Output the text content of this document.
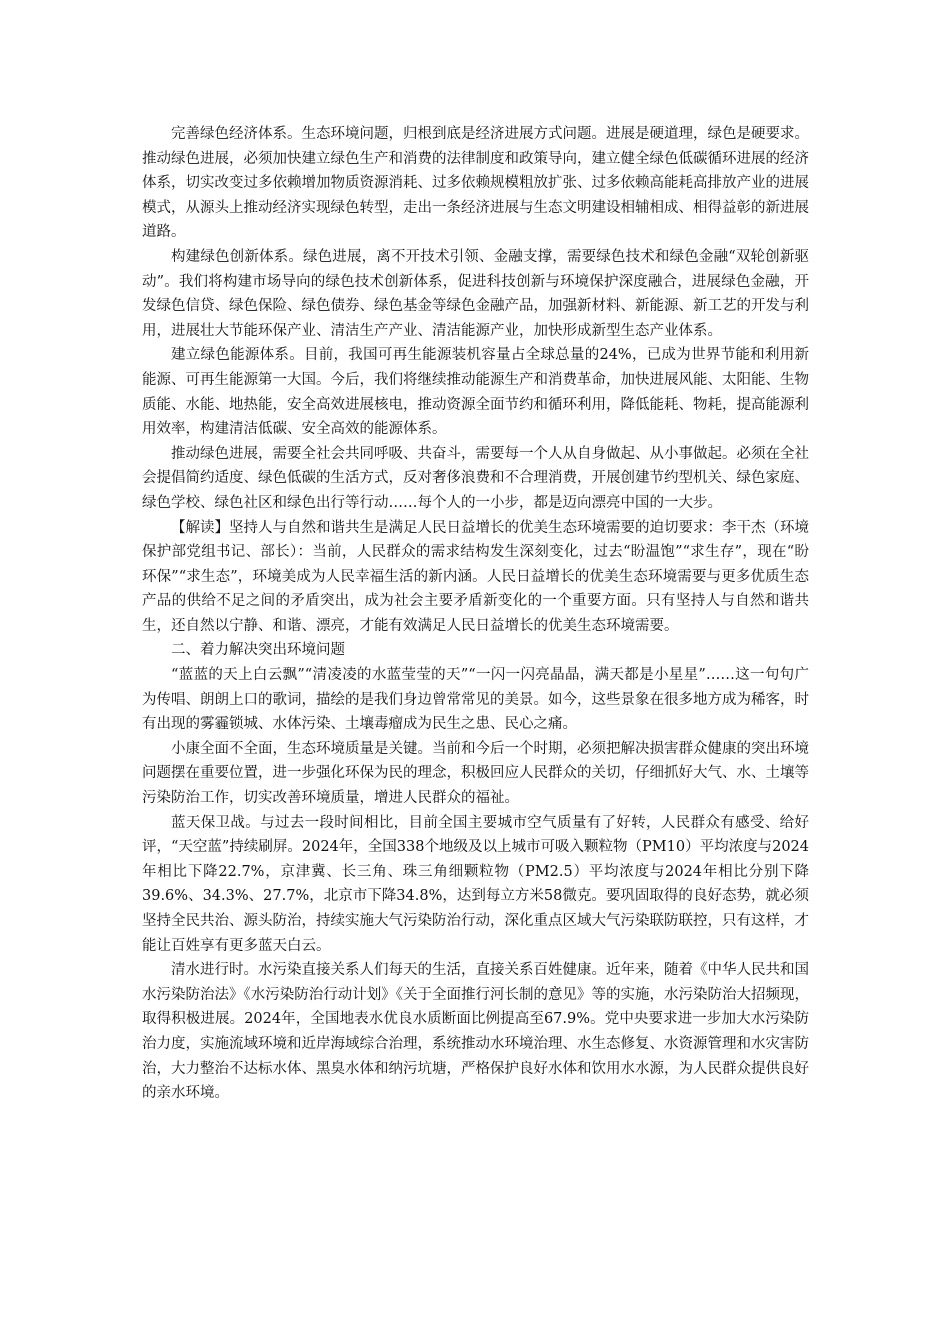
完善绿色经济体系。生态环境问题，归根到底是经济进展方式问题。进展是硬道理，绿色是硬要求。推动绿色进展，必须加快建立绿色生产和消费的法律制度和政策导向，建立健全绿色低碳循环进展的经济体系，切实改变过多依赖增加物质资源消耗、过多依赖规模粗放扩张、过多依赖高能耗高排放产业的进展模式，从源头上推动经济实现绿色转型，走出一条经济进展与生态文明建设相辅相成、相得益彰的新进展道路。

构建绿色创新体系。绿色进展，离不开技术引领、金融支撑，需要绿色技术和绿色金融“双轮创新驱动”。我们将构建市场导向的绿色技术创新体系，促进科技创新与环境保护深度融合，进展绿色金融，开发绿色信贷、绿色保险、绿色债券、绿色基金等绿色金融产品，加强新材料、新能源、新工艺的开发与利用，进展壮大节能环保产业、清洁生产产业、清洁能源产业，加快形成新型生态产业体系。

建立绿色能源体系。目前，我国可再生能源装机容量占全球总量的24%，已成为世界节能和利用新能源、可再生能源第一大国。今后，我们将继续推动能源生产和消费革命，加快进展风能、太阳能、生物质能、水能、地热能，安全高效进展核电，推动资源全面节约和循环利用，降低能耗、物耗，提高能源利用效率，构建清洁低碳、安全高效的能源体系。

推动绿色进展，需要全社会共同呼吸、共奋斗，需要每一个人从自身做起、从小事做起。必须在全社会提倡简约适度、绿色低碳的生活方式，反对奢侈浪费和不合理消费，开展创建节约型机关、绿色家庭、绿色学校、绿色社区和绿色出行等行动……每个人的一小步，都是迈向漂亮中国的一大步。

【解读】坚持人与自然和谐共生是满足人民日益增长的优美生态环境需要的迫切要求：李干杰（环境保护部党组书记、部长）：当前，人民群众的需求结构发生深刻变化，过去“盼温饱”“求生存”，现在“盼环保”“求生态”，环境美成为人民幸福生活的新内涵。人民日益增长的优美生态环境需要与更多优质生态产品的供给不足之间的矛盾突出，成为社会主要矛盾新变化的一个重要方面。只有坚持人与自然和谐共生，还自然以宁静、和谐、漂亮，才能有效满足人民日益增长的优美生态环境需要。

二、着力解决突出环境问题

“蓝蓝的天上白云飘”“清凌凌的水蓝莹莹的天”“一闪一闪亮晶晶，满天都是小星星”……这一句句广为传唱、朗朗上口的歌词，描绘的是我们身边曾常常见的美景。如今，这些景象在很多地方成为稀客，时有出现的雾霾锁城、水体污染、土壤毒瘤成为民生之患、民心之痛。

小康全面不全面，生态环境质量是关键。当前和今后一个时期，必须把解决损害群众健康的突出环境问题摆在重要位置，进一步强化环保为民的理念，积极回应人民群众的关切，仔细抓好大气、水、土壤等污染防治工作，切实改善环境质量，增进人民群众的福祉。

蓝天保卫战。与过去一段时间相比，目前全国主要城市空气质量有了好转，人民群众有感受、给好评，“天空蓝”持续刷屏。2024年，全国338个地级及以上城市可吸入颗粒物（PM10）平均浓度与2024年相比下降22.7%，京津冀、长三角、珠三角细颗粒物（PM2.5）平均浓度与2024年相比分别下降39.6%、34.3%、27.7%，北京市下降34.8%，达到每立方米58微克。要巩固取得的良好态势，就必须坚持全民共治、源头防治，持续实施大气污染防治行动，深化重点区域大气污染联防联控，只有这样，才能让百姓享有更多蓝天白云。

清水进行时。水污染直接关系人们每天的生活，直接关系百姓健康。近年来，随着《中华人民共和国水污染防治法》《水污染防治行动计划》《关于全面推行河长制的意见》等的实施，水污染防治大招频现，取得积极进展。2024年，全国地表水优良水质断面比例提高至67.9%。党中央要求进一步加大水污染防治力度，实施流域环境和近岸海域综合治理，系统推动水环境治理、水生态修复、水资源管理和水灾害防治，大力整治不达标水体、黑臭水体和纳污坑塘，严格保护良好水体和饮用水水源，为人民群众提供良好的亲水环境。
